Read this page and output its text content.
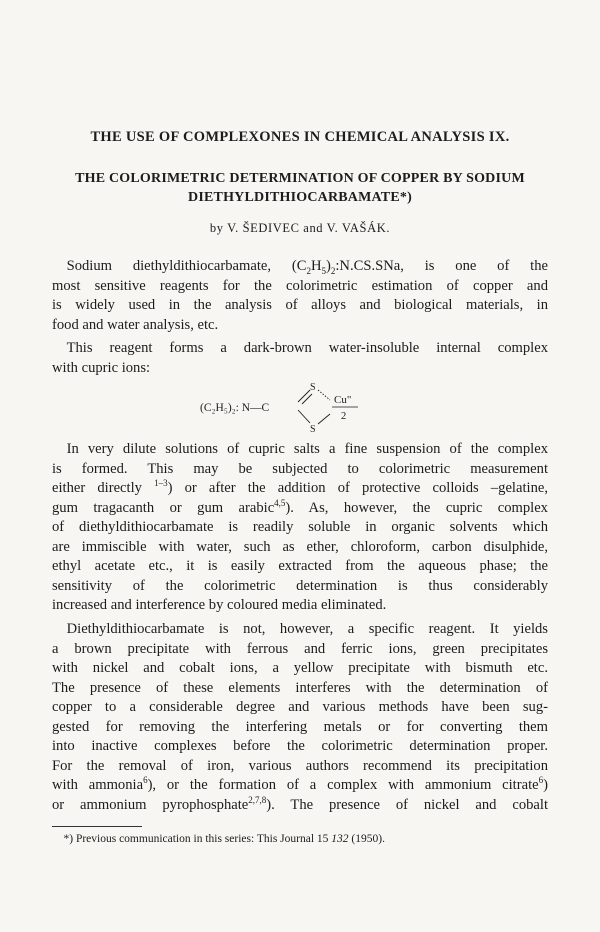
THE USE OF COMPLEXONES IN CHEMICAL ANALYSIS IX.
THE COLORIMETRIC DETERMINATION OF COPPER BY SODIUM
DIETHYLDITHIOCARBAMATE*)
by V. ŠEDIVEC and V. VAŠÁK.

 Sodium diethyldithiocarbamate, $(C_2H_5)_2:N.CS.SNa$, is one of the
most sensitive reagents for the colorimetric estimation of copper and
is widely used in the analysis of alloys and biological materials, in
food and water analysis, etc.

 This reagent forms a dark-brown water-insoluble internal complex
with cupric ions:

(C₂H₅)₂: N—C
S
S
Cu"
2

 In very dilute solutions of cupric salts a fine suspension of the complex
is formed. This may be subjected to colorimetric measurement
either directly $^{1-3}$) or after the addition of protective colloids –gelatine,
gum tragacanth or gum arabic$^{4,5}$). As, however, the cupric complex
of diethyldithiocarbamate is readily soluble in organic solvents which
are immiscible with water, such as ether, chloroform, carbon disulphide,
ethyl acetate etc., it is easily extracted from the aqueous phase; the
sensitivity of the colorimetric determination is thus considerably
increased and interference by coloured media eliminated.

 Diethyldithiocarbamate is not, however, a specific reagent. It yields
a brown precipitate with ferrous and ferric ions, green precipitates
with nickel and cobalt ions, a yellow precipitate with bismuth etc.
The presence of these elements interferes with the determination of
copper to a considerable degree and various methods have been sug-
gested for removing the interfering metals or for converting them
into inactive complexes before the colorimetric determination proper.
For the removal of iron, various authors recommend its precipitation
with ammonia$^6$), or the formation of a complex with ammonium citrate$^6$)
or ammonium pyrophosphate$^{2,7,8}$). The presence of nickel and cobalt

 *) Previous communication in this series: This Journal 15 132 (1950).
